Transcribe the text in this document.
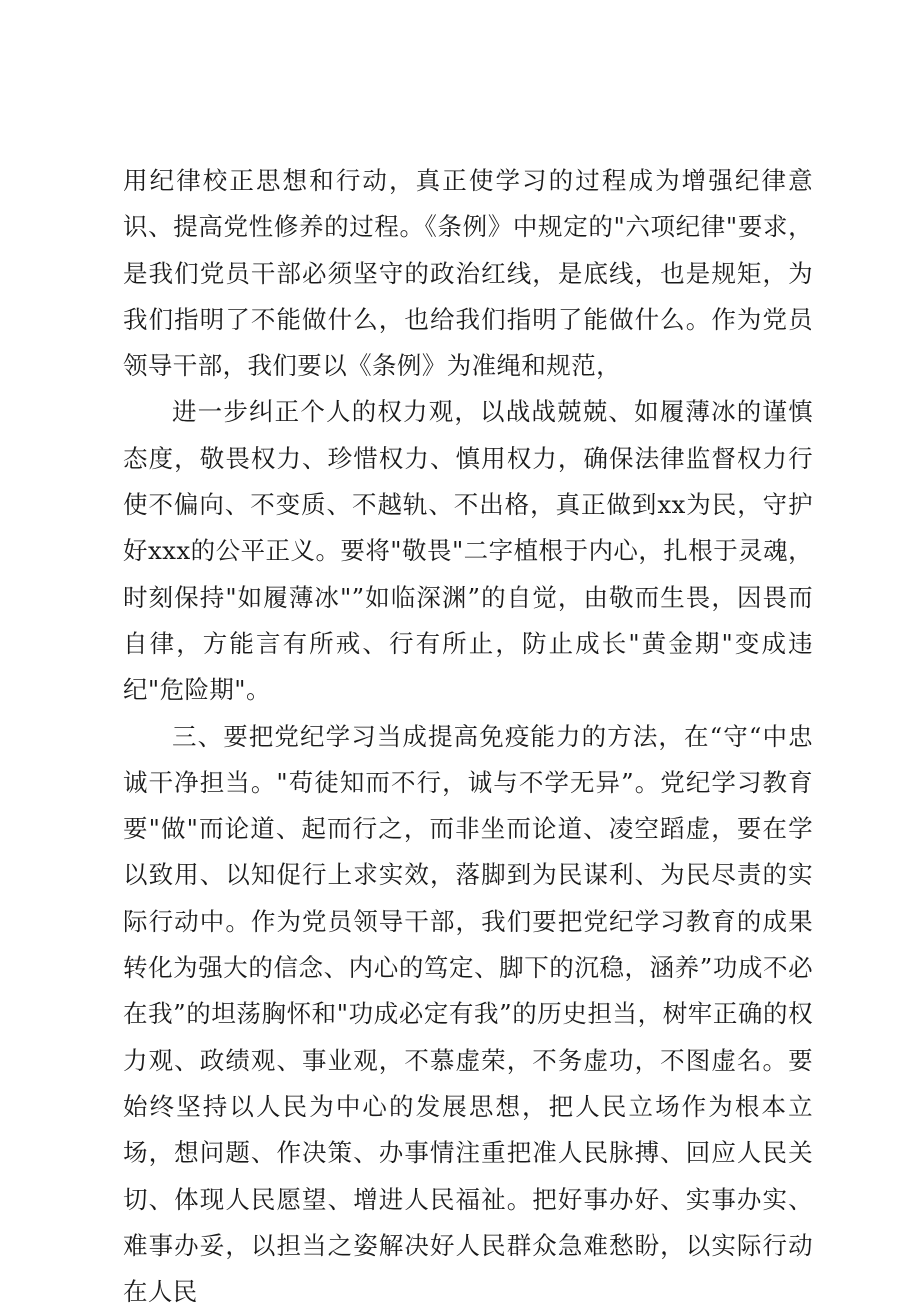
用纪律校正思想和行动，真正使学习的过程成为增强纪律意识、提高党性修养的过程。《条例》中规定的"六项纪律"要求，是我们党员干部必须坚守的政治红线，是底线，也是规矩，为我们指明了不能做什么，也给我们指明了能做什么。作为党员领导干部，我们要以《条例》为准绳和规范，

进一步纠正个人的权力观，以战战兢兢、如履薄冰的谨慎态度，敬畏权力、珍惜权力、慎用权力，确保法律监督权力行使不偏向、不变质、不越轨、不出格，真正做到xx为民，守护好xxx的公平正义。要将"敬畏"二字植根于内心，扎根于灵魂，时刻保持"如履薄冰"”如临深渊”的自觉，由敬而生畏，因畏而自律，方能言有所戒、行有所止，防止成长"黄金期"变成违纪"危险期"。

三、要把党纪学习当成提高免疫能力的方法，在“守“中忠诚干净担当。"苟徒知而不行，诚与不学无异”。党纪学习教育要"做"而论道、起而行之，而非坐而论道、凌空蹈虚，要在学以致用、以知促行上求实效，落脚到为民谋利、为民尽责的实际行动中。作为党员领导干部，我们要把党纪学习教育的成果转化为强大的信念、内心的笃定、脚下的沉稳，涵养”功成不必在我”的坦荡胸怀和"功成必定有我”的历史担当，树牢正确的权力观、政绩观、事业观，不慕虚荣，不务虚功，不图虚名。要始终坚持以人民为中心的发展思想，把人民立场作为根本立场，想问题、作决策、办事情注重把准人民脉搏、回应人民关切、体现人民愿望、增进人民福祉。把好事办好、实事办实、难事办妥，以担当之姿解决好人民群众急难愁盼，以实际行动在人民
